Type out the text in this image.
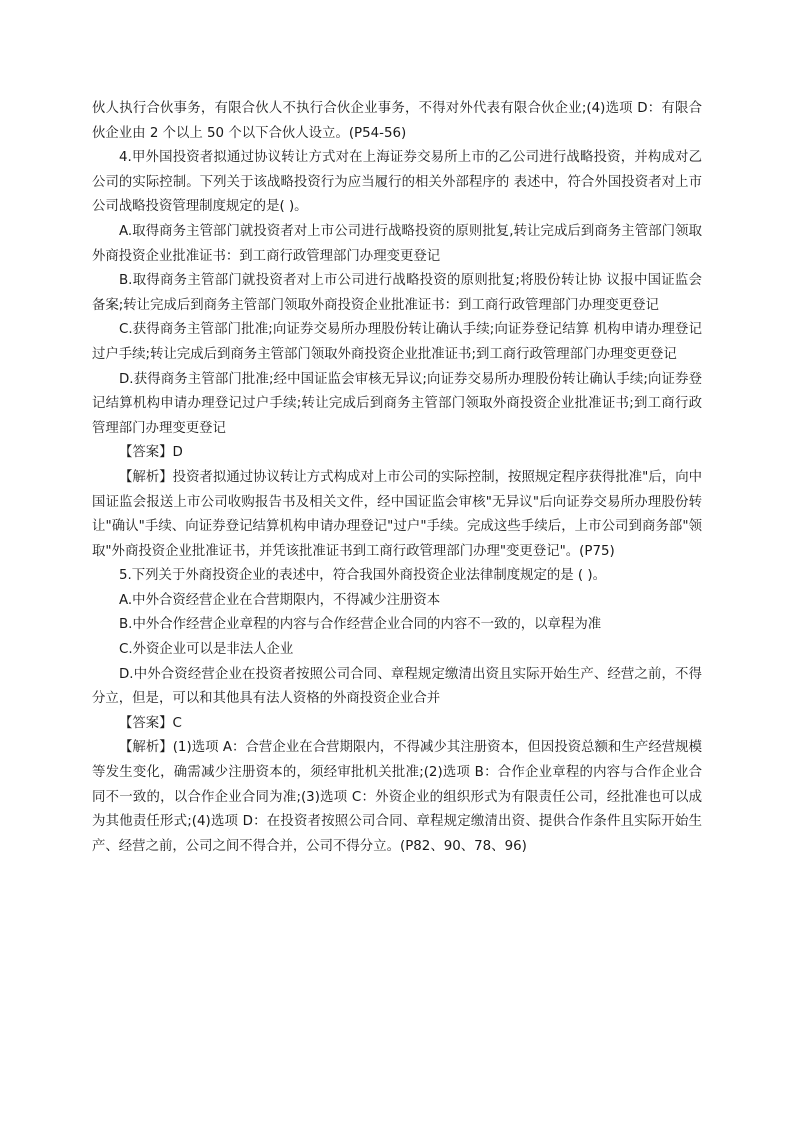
伙人执行合伙事务，有限合伙人不执行合伙企业事务，不得对外代表有限合伙企业;(4)选项 D：有限合伙企业由 2 个以上 50 个以下合伙人设立。(P54-56)

4.甲外国投资者拟通过协议转让方式对在上海证券交易所上市的乙公司进行战略投资，并构成对乙公司的实际控制。下列关于该战略投资行为应当履行的相关外部程序的 表述中，符合外国投资者对上市公司战略投资管理制度规定的是( )。

A.取得商务主管部门就投资者对上市公司进行战略投资的原则批复,转让完成后到商务主管部门领取外商投资企业批准证书：到工商行政管理部门办理变更登记

B.取得商务主管部门就投资者对上市公司进行战略投资的原则批复;将股份转让协 议报中国证监会备案;转让完成后到商务主管部门领取外商投资企业批准证书：到工商行政管理部门办理变更登记

C.获得商务主管部门批准;向证券交易所办理股份转让确认手续;向证券登记结算 机构申请办理登记过户手续;转让完成后到商务主管部门领取外商投资企业批准证书;到工商行政管理部门办理变更登记

D.获得商务主管部门批准;经中国证监会审核无异议;向证券交易所办理股份转让确认手续;向证券登记结算机构申请办理登记过户手续;转让完成后到商务主管部门领取外商投资企业批准证书;到工商行政管理部门办理变更登记

【答案】D

【解析】投资者拟通过协议转让方式构成对上市公司的实际控制，按照规定程序获得批准"后，向中国证监会报送上市公司收购报告书及相关文件，经中国证监会审核"无异议"后向证券交易所办理股份转让"确认"手续、向证券登记结算机构申请办理登记"过户"手续。完成这些手续后，上市公司到商务部"领取"外商投资企业批准证书，并凭该批准证书到工商行政管理部门办理"变更登记"。(P75)

5.下列关于外商投资企业的表述中，符合我国外商投资企业法律制度规定的是 ( )。

A.中外合资经营企业在合营期限内，不得减少注册资本

B.中外合作经营企业章程的内容与合作经营企业合同的内容不一致的，以章程为准

C.外资企业可以是非法人企业

D.中外合资经营企业在投资者按照公司合同、章程规定缴清出资且实际开始生产、经营之前，不得分立，但是，可以和其他具有法人资格的外商投资企业合并

【答案】C

【解析】(1)选项 A：合营企业在合营期限内，不得减少其注册资本，但因投资总额和生产经营规模等发生变化，确需减少注册资本的，须经审批机关批准;(2)选项 B：合作企业章程的内容与合作企业合同不一致的，以合作企业合同为准;(3)选项 C：外资企业的组织形式为有限责任公司，经批准也可以成为其他责任形式;(4)选项 D：在投资者按照公司合同、章程规定缴清出资、提供合作条件且实际开始生产、经营之前，公司之间不得合并，公司不得分立。(P82、90、78、96)
